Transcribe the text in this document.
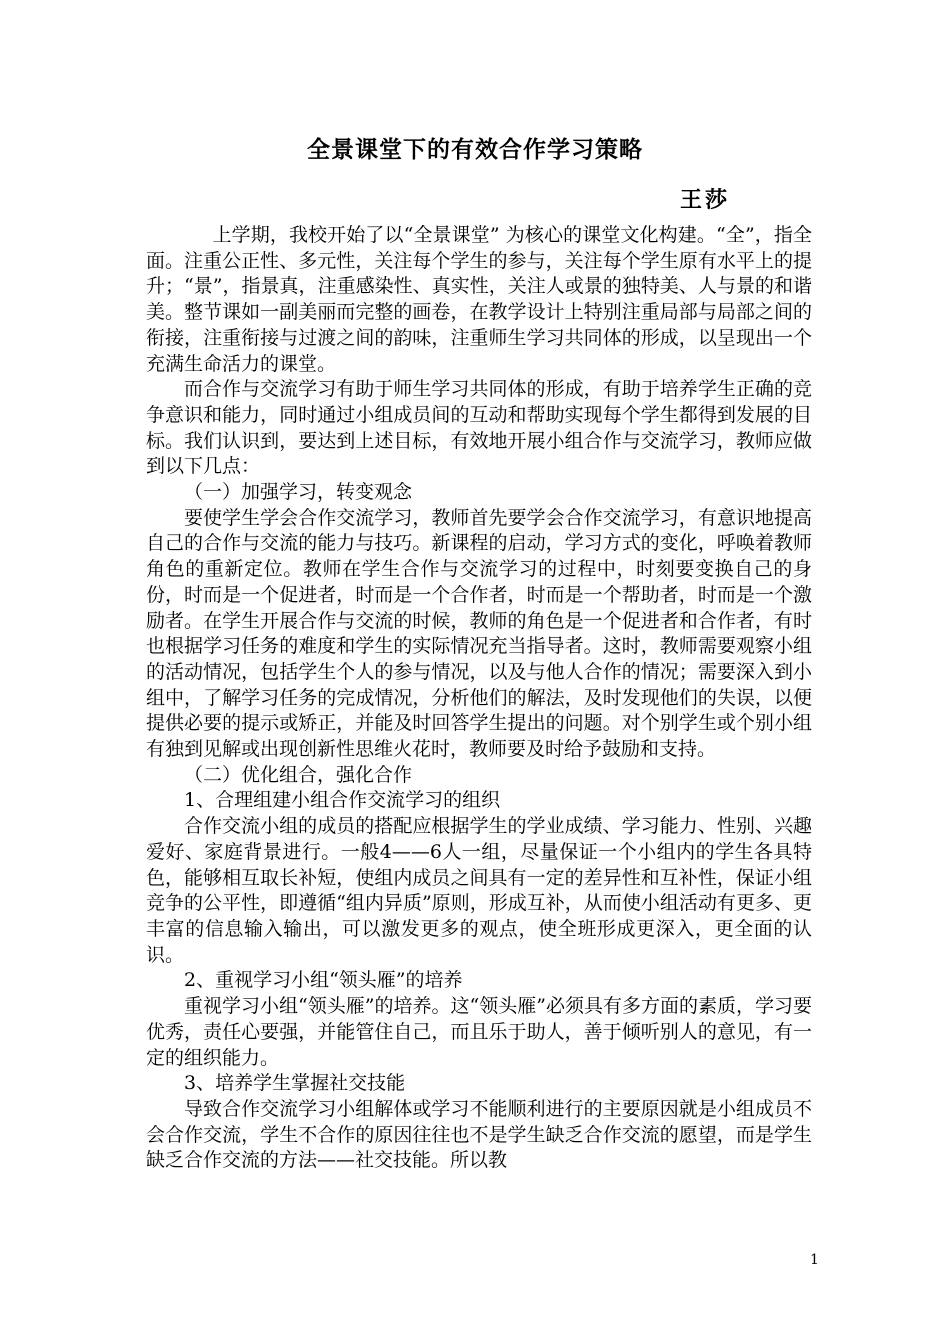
全景课堂下的有效合作学习策略
王莎

上学期，我校开始了以“全景课堂” 为核心的课堂文化构建。“全”，指全面。注重公正性、多元性，关注每个学生的参与，关注每个学生原有水平上的提升；“景”，指景真，注重感染性、真实性，关注人或景的独特美、人与景的和谐美。整节课如一副美丽而完整的画卷，在教学设计上特别注重局部与局部之间的衔接，注重衔接与过渡之间的韵味，注重师生学习共同体的形成，以呈现出一个充满生命活力的课堂。

而合作与交流学习有助于师生学习共同体的形成，有助于培养学生正确的竞争意识和能力，同时通过小组成员间的互动和帮助实现每个学生都得到发展的目标。我们认识到，要达到上述目标，有效地开展小组合作与交流学习，教师应做到以下几点：

（一）加强学习，转变观念

要使学生学会合作交流学习，教师首先要学会合作交流学习，有意识地提高自己的合作与交流的能力与技巧。新课程的启动，学习方式的变化，呼唤着教师角色的重新定位。教师在学生合作与交流学习的过程中，时刻要变换自己的身份，时而是一个促进者，时而是一个合作者，时而是一个帮助者，时而是一个激励者。在学生开展合作与交流的时候，教师的角色是一个促进者和合作者，有时也根据学习任务的难度和学生的实际情况充当指导者。这时，教师需要观察小组的活动情况，包括学生个人的参与情况，以及与他人合作的情况；需要深入到小组中，了解学习任务的完成情况，分析他们的解法，及时发现他们的失误，以便提供必要的提示或矫正，并能及时回答学生提出的问题。对个别学生或个别小组有独到见解或出现创新性思维火花时，教师要及时给予鼓励和支持。

（二）优化组合，强化合作

1、合理组建小组合作交流学习的组织

合作交流小组的成员的搭配应根据学生的学业成绩、学习能力、性别、兴趣爱好、家庭背景进行。一般4——6人一组，尽量保证一个小组内的学生各具特色，能够相互取长补短，使组内成员之间具有一定的差异性和互补性，保证小组竞争的公平性，即遵循“组内异质”原则，形成互补，从而使小组活动有更多、更丰富的信息输入输出，可以激发更多的观点，使全班形成更深入，更全面的认识。

2、重视学习小组“领头雁”的培养

重视学习小组“领头雁”的培养。这“领头雁”必须具有多方面的素质，学习要优秀，责任心要强，并能管住自己，而且乐于助人，善于倾听别人的意见，有一定的组织能力。

3、培养学生掌握社交技能

导致合作交流学习小组解体或学习不能顺利进行的主要原因就是小组成员不会合作交流，学生不合作的原因往往也不是学生缺乏合作交流的愿望，而是学生缺乏合作交流的方法——社交技能。所以教

1
